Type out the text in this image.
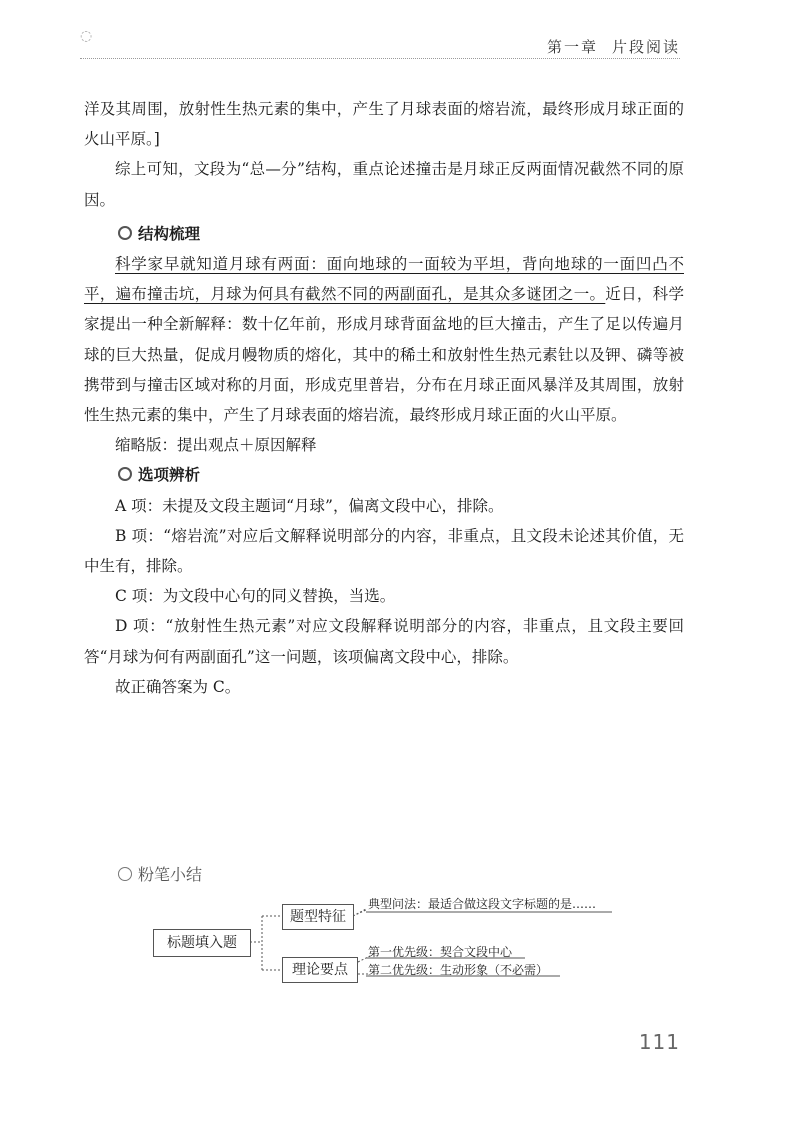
◌
第一章 片段阅读

洋及其周围，放射性生热元素的集中，产生了月球表面的熔岩流，最终形成月球正面的火山平原。]

综上可知，文段为“总—分”结构，重点论述撞击是月球正反两面情况截然不同的原因。

结构梳理

科学家早就知道月球有两面：面向地球的一面较为平坦，背向地球的一面凹凸不平，遍布撞击坑，月球为何具有截然不同的两副面孔，是其众多谜团之一。近日，科学家提出一种全新解释：数十亿年前，形成月球背面盆地的巨大撞击，产生了足以传遍月球的巨大热量，促成月幔物质的熔化，其中的稀土和放射性生热元素钍以及钾、磷等被携带到与撞击区域对称的月面，形成克里普岩，分布在月球正面风暴洋及其周围，放射性生热元素的集中，产生了月球表面的熔岩流，最终形成月球正面的火山平原。

缩略版：提出观点＋原因解释

选项辨析

A 项：未提及文段主题词“月球”，偏离文段中心，排除。

B 项：“熔岩流”对应后文解释说明部分的内容，非重点，且文段未论述其价值，无中生有，排除。

C 项：为文段中心句的同义替换，当选。

D 项：“放射性生热元素”对应文段解释说明部分的内容，非重点，且文段主要回答“月球为何有两副面孔”这一问题，该项偏离文段中心，排除。

故正确答案为 C。

粉笔小结
标题填入题
题型特征
理论要点
典型问法：最适合做这段文字标题的是……
第一优先级：契合文段中心
第二优先级：生动形象（不必需）
111
